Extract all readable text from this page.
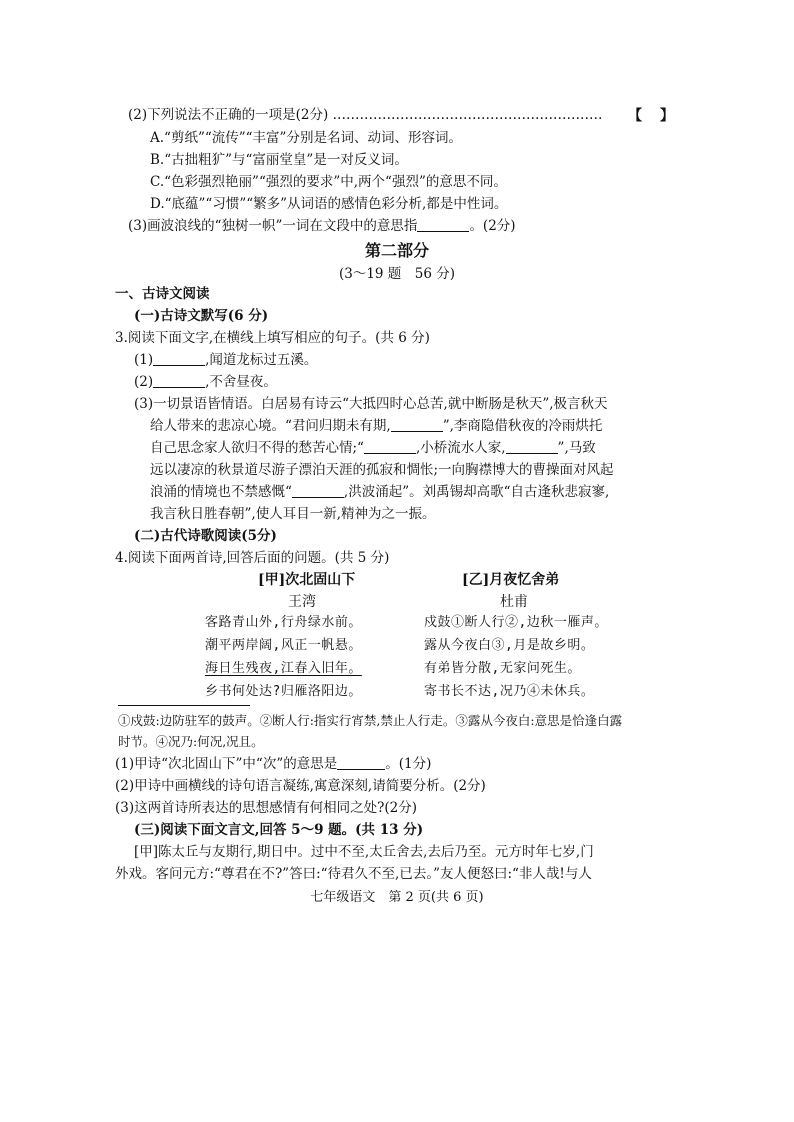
(2)下列说法不正确的一项是(2分) …………………………………………………… 【 】
A.“剪纸”“流传”“丰富”分别是名词、动词、形容词。
B.“古拙粗犷”与“富丽堂皇”是一对反义词。
C.“色彩强烈艳丽”“强烈的要求”中,两个“强烈”的意思不同。
D.“底蕴”“习惯”“繁多”从词语的感情色彩分析,都是中性词。
(3)画波浪线的“独树一帜”一词在文段中的意思指	。(2分)
第二部分
(3～19 题　56 分)
一、古诗文阅读
(一)古诗文默写(6 分)
3.阅读下面文字,在横线上填写相应的句子。(共 6 分)
(1)	,闻道龙标过五溪。
(2)	,不舍昼夜。
(3)一切景语皆情语。白居易有诗云“大抵四时心总苦,就中断肠是秋天”,极言秋天
给人带来的悲凉心境。“君问归期未有期,	”,李商隐借秋夜的冷雨烘托
自己思念家人欲归不得的愁苦心情;“	,小桥流水人家,	”,马致
远以凄凉的秋景道尽游子漂泊天涯的孤寂和惆怅;一向胸襟博大的曹操面对风起
浪涌的情境也不禁感慨“	,洪波涌起”。刘禹锡却高歌“自古逢秋悲寂寥,
我言秋日胜春朝”,使人耳目一新,精神为之一振。
(二)古代诗歌阅读(5分)
4.阅读下面两首诗,回答后面的问题。(共 5 分)
[甲]次北固山下
王湾
客路青山外,行舟绿水前。
潮平两岸阔,风正一帆悬。
海日生残夜,江春入旧年。
乡书何处达?归雁洛阳边。
[乙]月夜忆舍弟
杜甫
戍鼓①断人行②,边秋一雁声。
露从今夜白③,月是故乡明。
有弟皆分散,无家问死生。
寄书长不达,况乃④未休兵。
①戍鼓:边防驻军的鼓声。②断人行:指实行宵禁,禁止人行走。③露从今夜白:意思是恰逢白露
时节。④况乃:何况,况且。
(1)甲诗“次北固山下”中“次”的意思是	。(1分)
(2)甲诗中画横线的诗句语言凝练,寓意深刻,请简要分析。(2分)
(3)这两首诗所表达的思想感情有何相同之处?(2分)
(三)阅读下面文言文,回答 5～9 题。(共 13 分)
[甲]陈太丘与友期行,期日中。过中不至,太丘舍去,去后乃至。元方时年七岁,门
外戏。客问元方:“尊君在不?”答曰:“待君久不至,已去。”友人便怒曰:“非人哉!与人
七年级语文　第 2 页(共 6 页)
